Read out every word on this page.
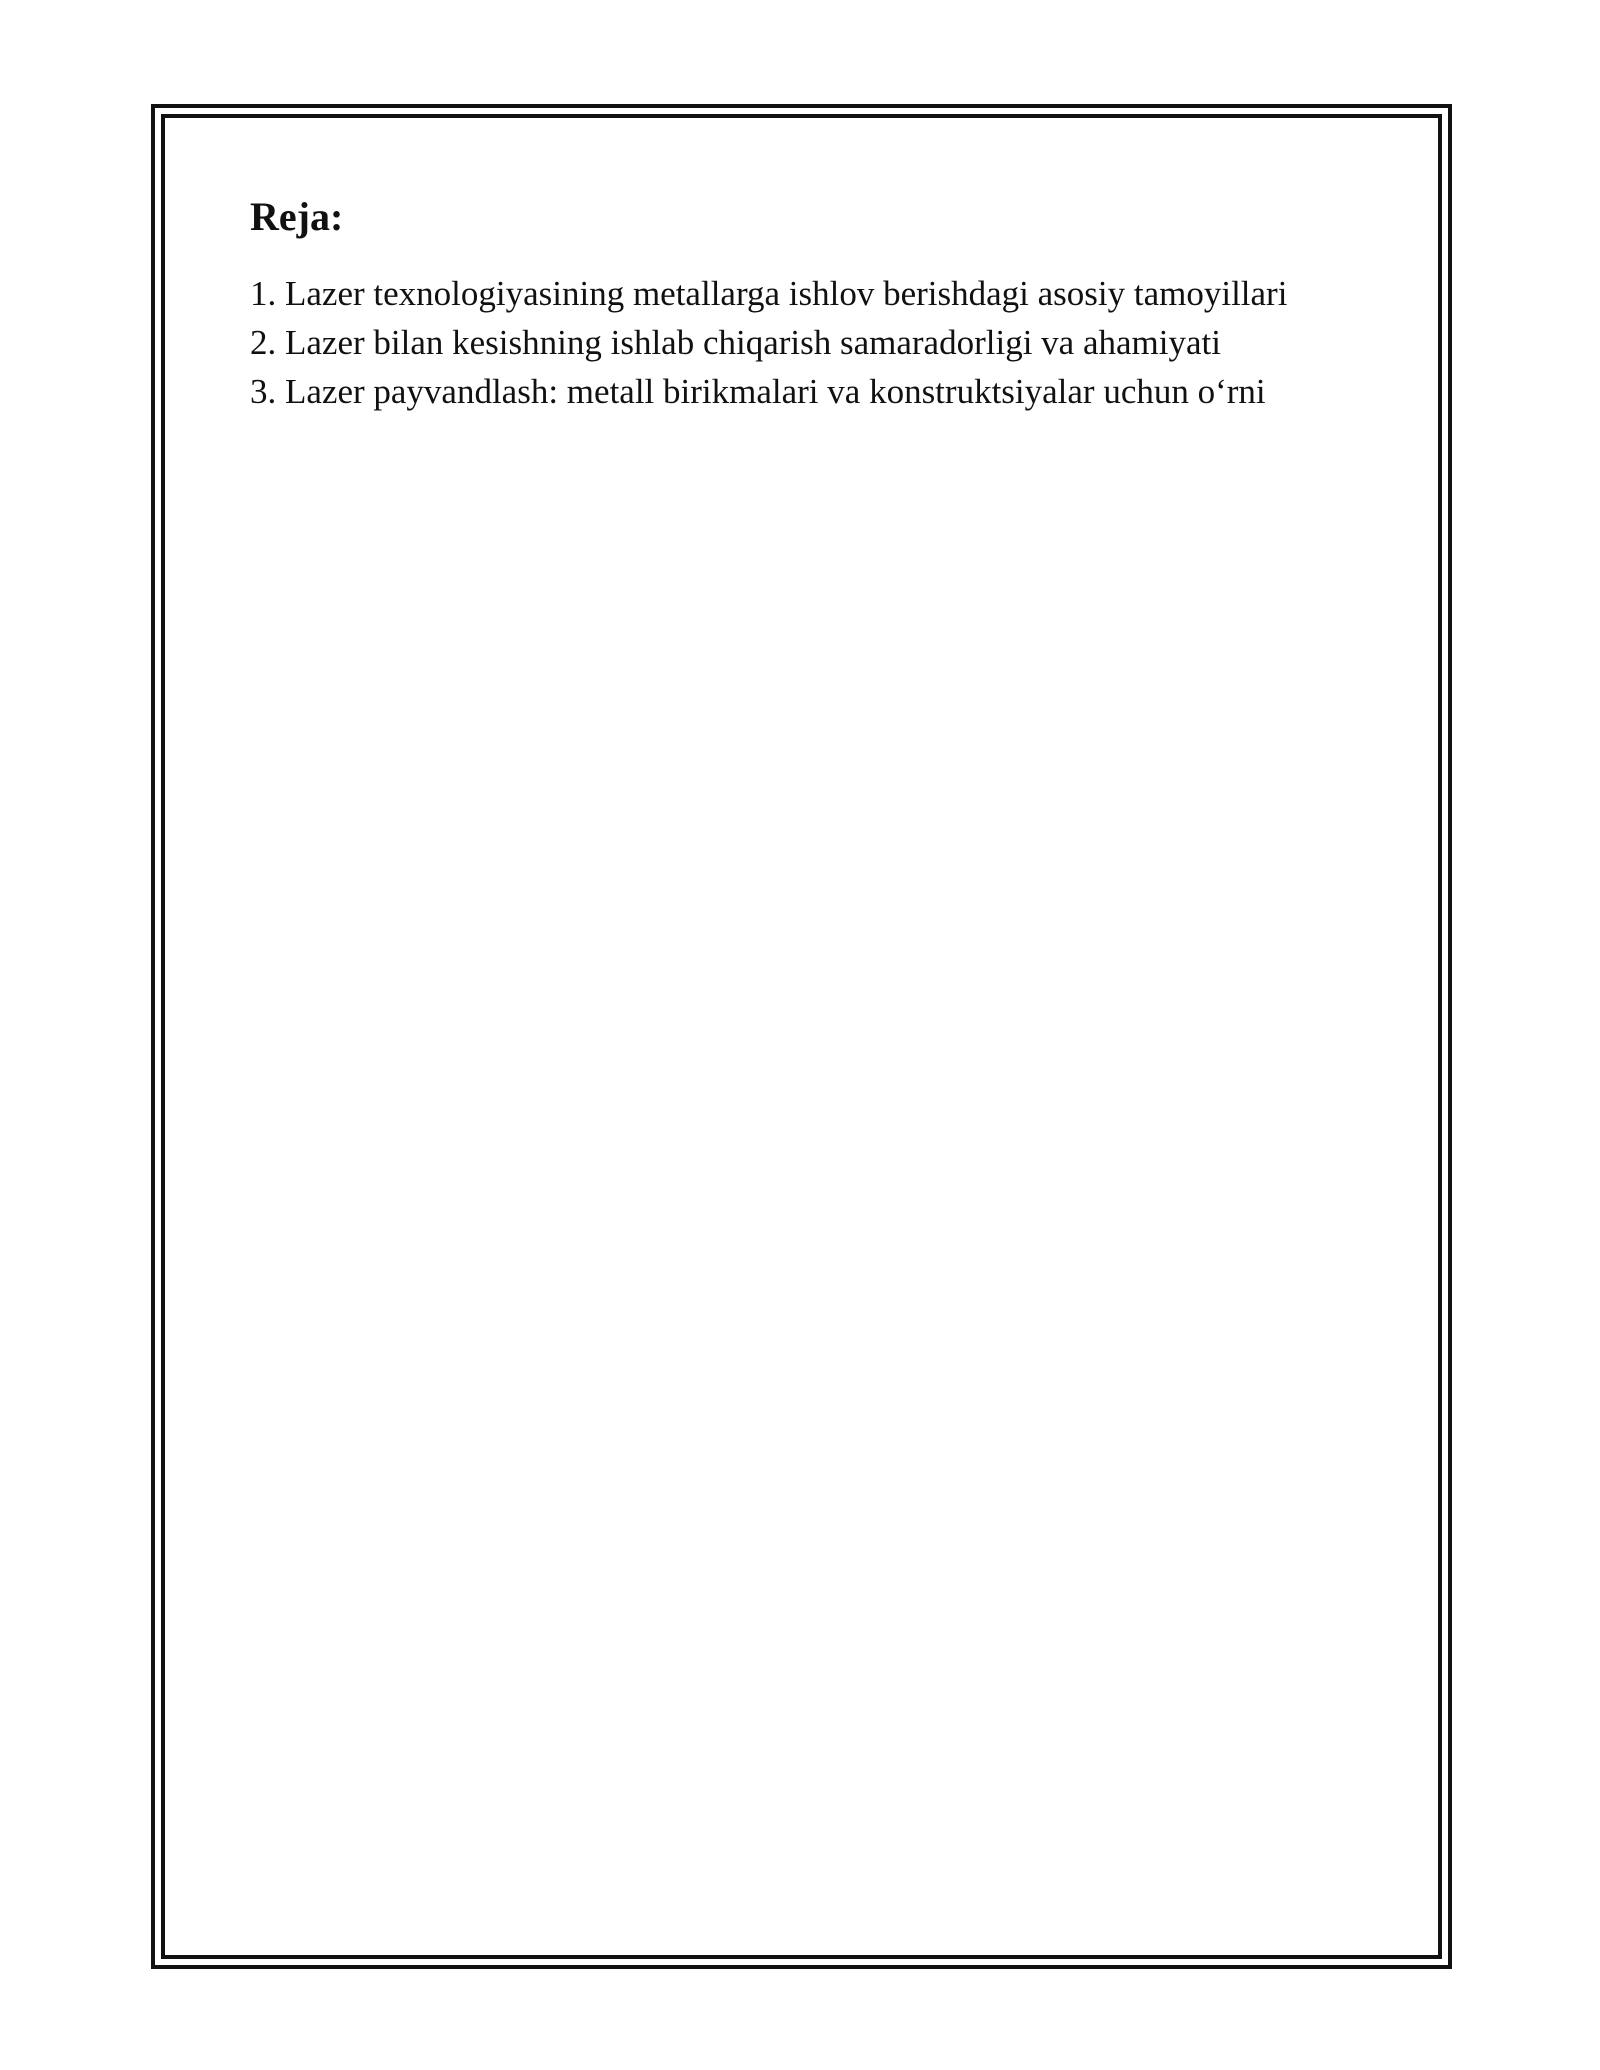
Reja:
1. Lazer texnologiyasining metallarga ishlov berishdagi asosiy tamoyillari
2. Lazer bilan kesishning ishlab chiqarish samaradorligi va ahamiyati
3. Lazer payvandlash: metall birikmalari va konstruktsiyalar uchun o‘rni
